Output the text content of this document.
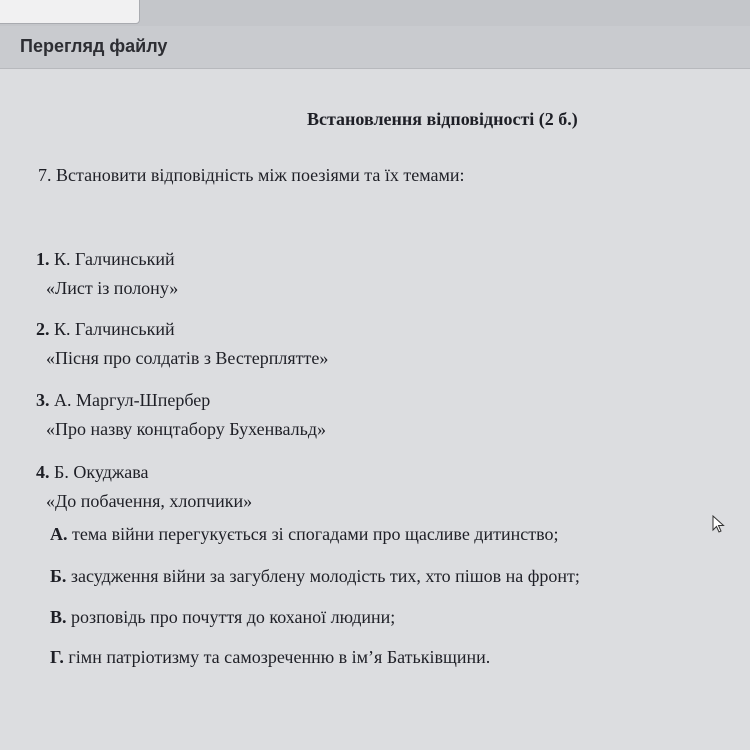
Перегляд файлу
Встановлення відповідності (2 б.)
7. Встановити відповідність між поезіями та їх темами:
1. К. Галчинський
«Лист із полону»
2. К. Галчинський
«Пісня про солдатів з Вестерплятте»
3. А. Маргул-Шпербер
«Про назву концтабору Бухенвальд»
4. Б. Окуджава
«До побачення, хлопчики»
А. тема війни перегукується зі спогадами про щасливе дитинство;
Б. засудження війни за загублену молодість тих, хто пішов на фронт;
В. розповідь про почуття до коханої людини;
Г. гімн патріотизму та самозреченню в ім’я Батьківщини.
